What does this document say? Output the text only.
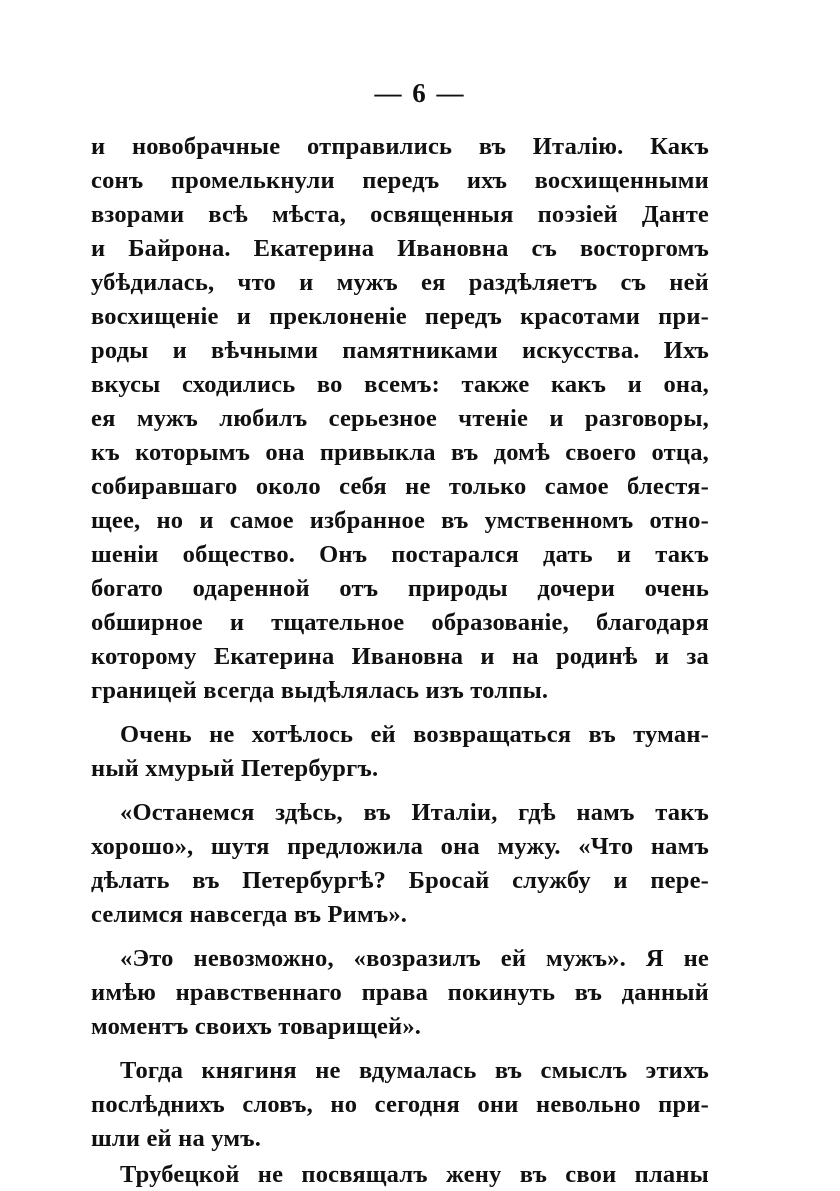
— 6 —
и новобрачные отправились въ Италію. Какъ
сонъ промелькнули передъ ихъ восхищенными
взорами всѣ мѣста, освященныя поэзіей Данте
и Байрона. Екатерина Ивановна съ восторгомъ
убѣдилась, что и мужъ ея раздѣляетъ съ ней
восхищеніе и преклоненіе передъ красотами при-
роды и вѣчными памятниками искусства. Ихъ
вкусы сходились во всемъ: также какъ и она,
ея мужъ любилъ серьезное чтеніе и разговоры,
къ которымъ она привыкла въ домѣ своего отца,
собиравшаго около себя не только самое блестя-
щее, но и самое избранное въ умственномъ отно-
шеніи общество. Онъ постарался дать и такъ
богато одаренной отъ природы дочери очень
обширное и тщательное образованіе, благодаря
которому Екатерина Ивановна и на родинѣ и за
границей всегда выдѣлялась изъ толпы.
Очень не хотѣлось ей возвращаться въ туман-
ный хмурый Петербургъ.
«Останемся здѣсь, въ Италіи, гдѣ намъ такъ
хорошо», шутя предложила она мужу. «Что намъ
дѣлать въ Петербургѣ? Бросай службу и пере-
селимся навсегда въ Римъ».
«Это невозможно, «возразилъ ей мужъ». Я не
имѣю нравственнаго права покинуть въ данный
моментъ своихъ товарищей».
Тогда княгиня не вдумалась въ смыслъ этихъ
послѣднихъ словъ, но сегодня они невольно при-
шли ей на умъ.
Трубецкой не посвящалъ жену въ свои планы
